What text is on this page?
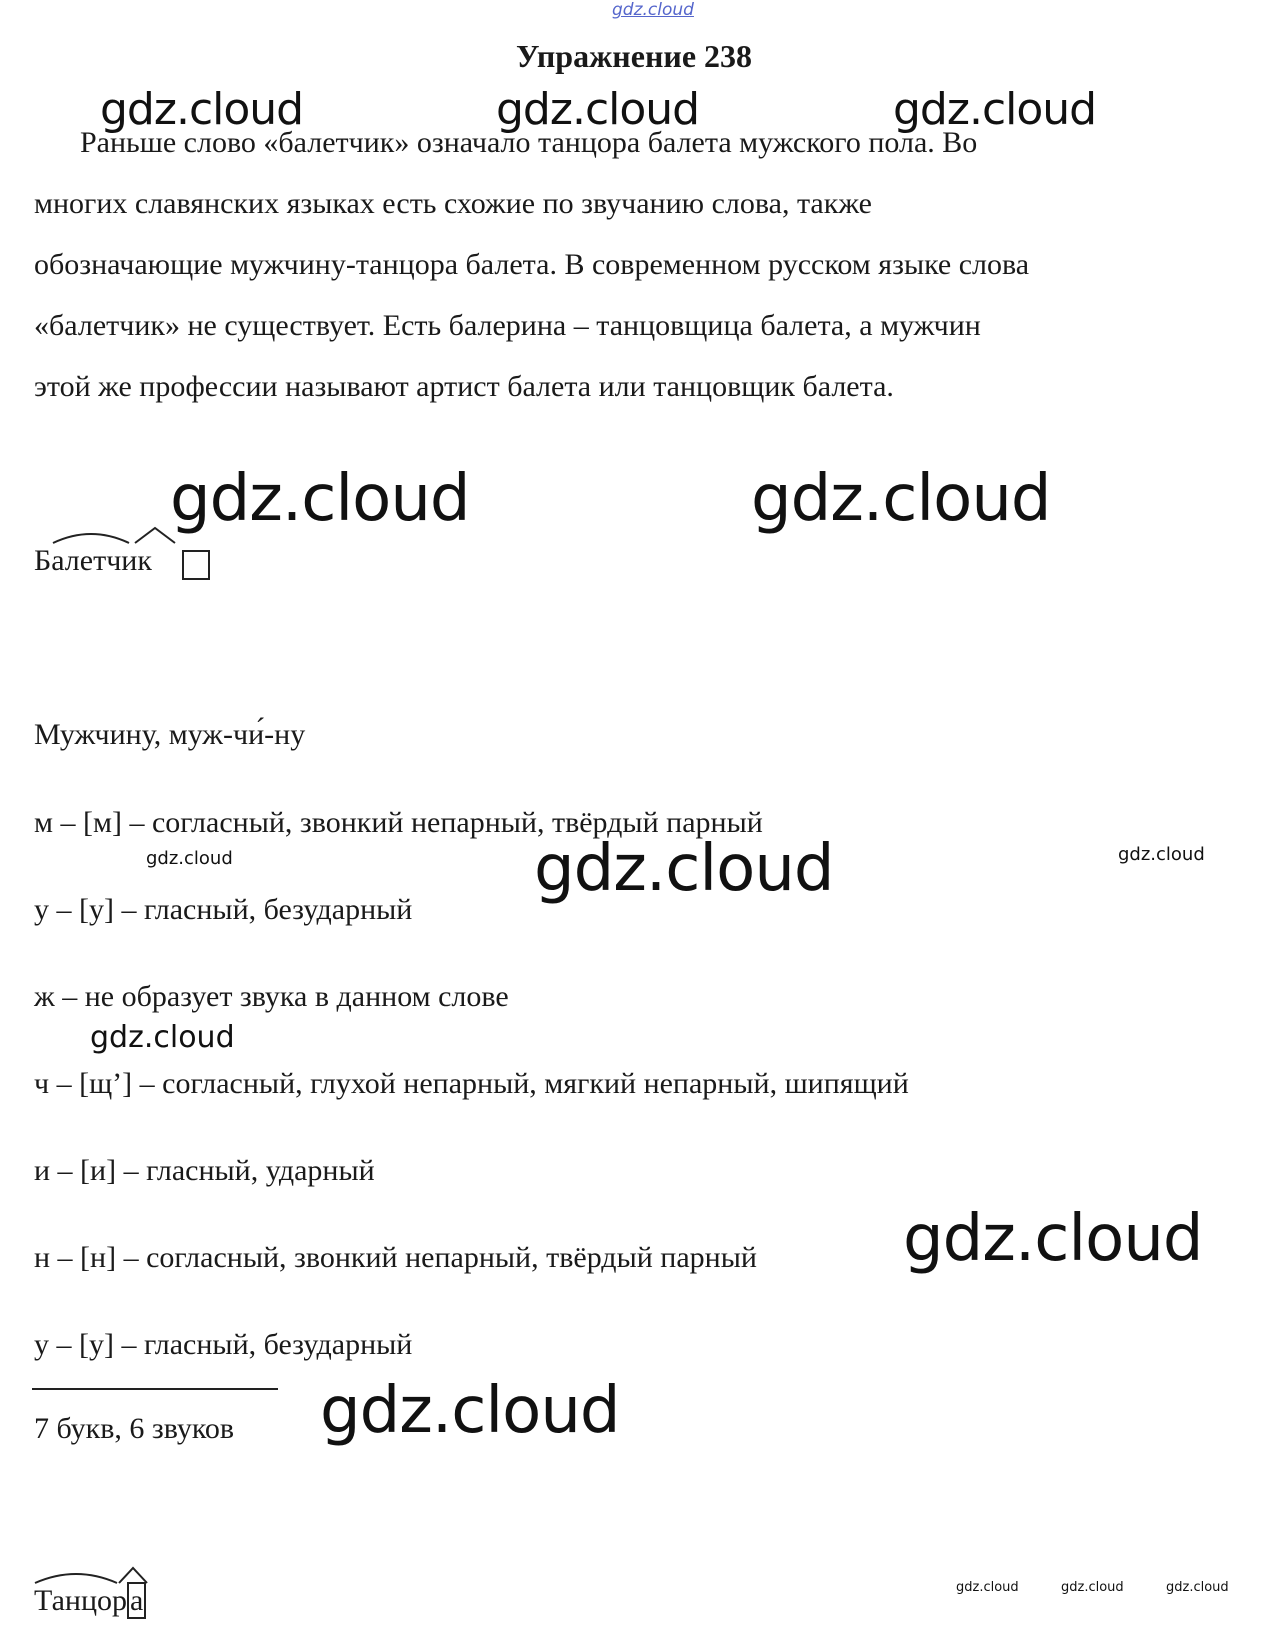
gdz.cloud
Упражнение 238
gdz.cloud	gdz.cloud	gdz.cloud
Раньше слово «балетчик» означало танцора балета мужского пола. Во
многих славянских языках есть схожие по звучанию слова, также
обозначающие мужчину-танцора балета. В современном русском языке слова
«балетчик» не существует. Есть балерина – танцовщица балета, а мужчин
этой же профессии называют артист балета или танцовщик балета.
gdz.cloud	gdz.cloud
Балетчик
Мужчину, муж-чи́-ну
м – [м] – согласный, звонкий непарный, твёрдый парный
у – [у] – гласный, безударный
ж – не образует звука в данном слове
ч – [щ’] – согласный, глухой непарный, мягкий непарный, шипящий
и – [и] – гласный, ударный
н – [н] – согласный, звонкий непарный, твёрдый парный
у – [у] – гласный, безударный
7 букв, 6 звуков
gdz.cloud	gdz.cloud	gdz.cloud
gdz.cloud
gdz.cloud
gdz.cloud
Танцор а	gdz.cloud	gdz.cloud	gdz.cloud
